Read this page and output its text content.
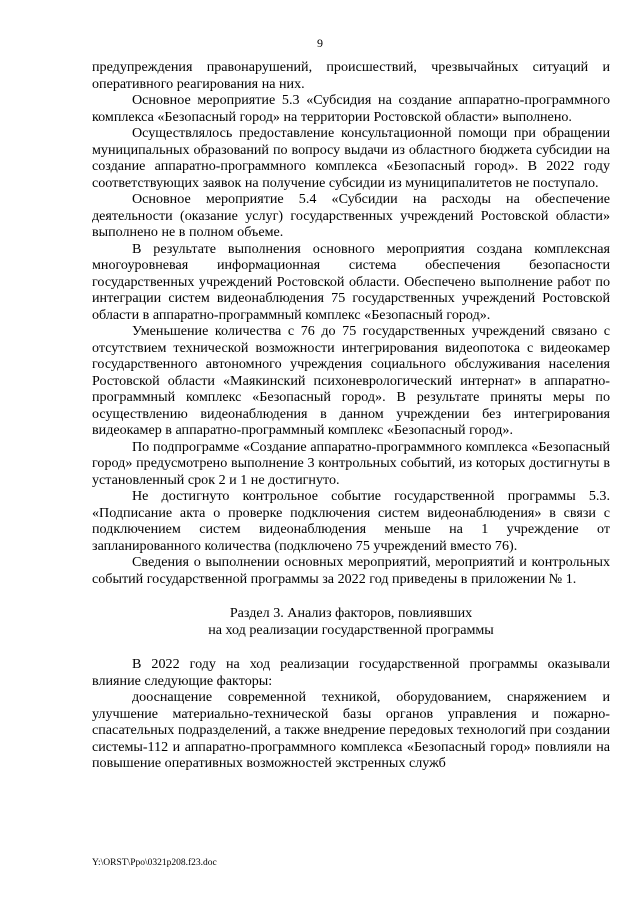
9

предупреждения правонарушений, происшествий, чрезвычайных ситуаций и оперативного реагирования на них.

Основное мероприятие 5.3 «Субсидия на создание аппаратно-программного комплекса «Безопасный город» на территории Ростовской области» выполнено.

Осуществлялось предоставление консультационной помощи при обращении муниципальных образований по вопросу выдачи из областного бюджета субсидии на создание аппаратно-программного комплекса «Безопасный город». В 2022 году соответствующих заявок на получение субсидии из муниципалитетов не поступало.

Основное мероприятие 5.4 «Субсидии на расходы на обеспечение деятельности (оказание услуг) государственных учреждений Ростовской области» выполнено не в полном объеме.

В результате выполнения основного мероприятия создана комплексная многоуровневая информационная система обеспечения безопасности государственных учреждений Ростовской области. Обеспечено выполнение работ по интеграции систем видеонаблюдения 75 государственных учреждений Ростовской области в аппаратно-программный комплекс «Безопасный город».

Уменьшение количества с 76 до 75 государственных учреждений связано с отсутствием технической возможности интегрирования видеопотока с видеокамер государственного автономного учреждения социального обслуживания населения Ростовской области «Маякинский психоневрологический интернат» в аппаратно-программный комплекс «Безопасный город». В результате приняты меры по осуществлению видеонаблюдения в данном учреждении без интегрирования видеокамер в аппаратно-программный комплекс «Безопасный город».

По подпрограмме «Создание аппаратно-программного комплекса «Безопасный город» предусмотрено выполнение 3 контрольных событий, из которых достигнуты в установленный срок 2 и 1 не достигнуто.

Не достигнуто контрольное событие государственной программы 5.3. «Подписание акта о проверке подключения систем видеонаблюдения» в связи с подключением систем видеонаблюдения меньше на 1 учреждение от запланированного количества (подключено 75 учреждений вместо 76).

Сведения о выполнении основных мероприятий, мероприятий и контрольных событий государственной программы за 2022 год приведены в приложении № 1.

Раздел 3. Анализ факторов, повлиявших
на ход реализации государственной программы

В 2022 году на ход реализации государственной программы оказывали влияние следующие факторы:

дооснащение современной техникой, оборудованием, снаряжением и улучшение материально-технической базы органов управления и пожарно-спасательных подразделений, а также внедрение передовых технологий при создании системы-112 и аппаратно-программного комплекса «Безопасный город» повлияли на повышение оперативных возможностей экстренных служб

Y:\ORST\Ppo\0321p208.f23.doc
